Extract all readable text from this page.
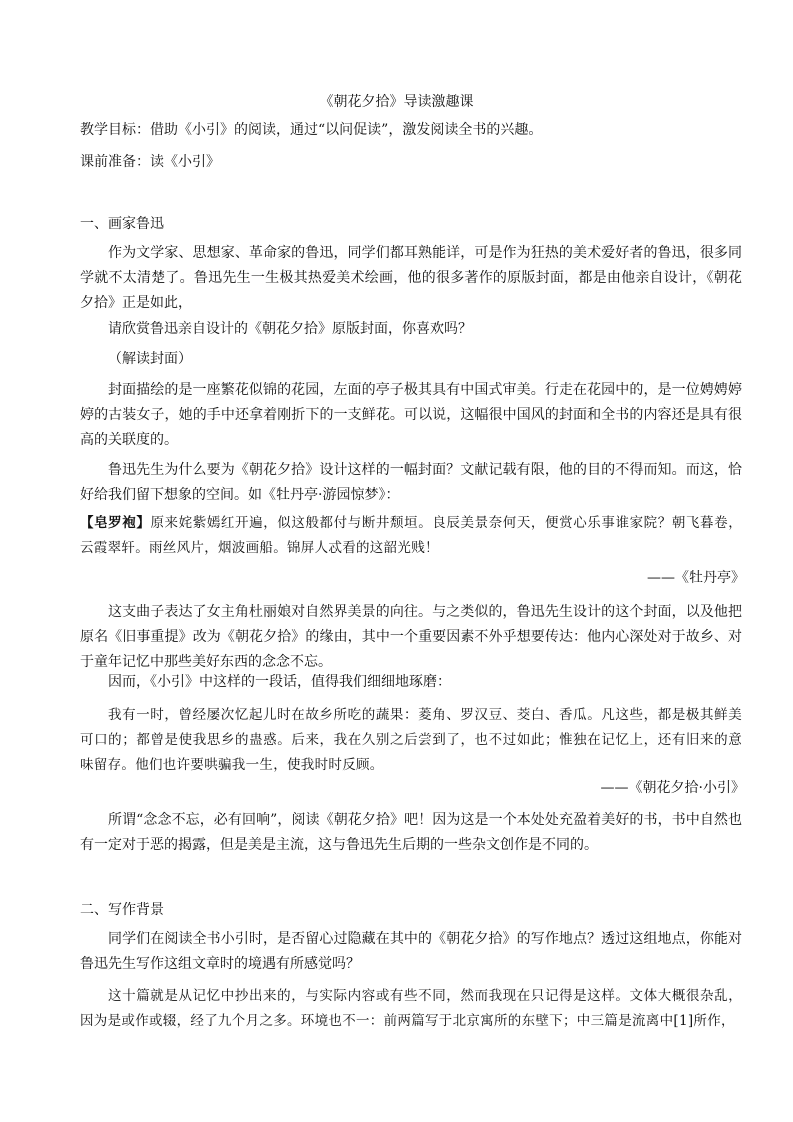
《朝花夕拾》导读激趣课
教学目标：借助《小引》的阅读，通过“以问促读”，激发阅读全书的兴趣。
课前准备：读《小引》
一、画家鲁迅
作为文学家、思想家、革命家的鲁迅，同学们都耳熟能详，可是作为狂热的美术爱好者的鲁迅，很多同学就不太清楚了。鲁迅先生一生极其热爱美术绘画，他的很多著作的原版封面，都是由他亲自设计，《朝花夕拾》正是如此，
请欣赏鲁迅亲自设计的《朝花夕拾》原版封面，你喜欢吗？
（解读封面）
封面描绘的是一座繁花似锦的花园，左面的亭子极其具有中国式审美。行走在花园中的，是一位娉娉婷婷的古装女子，她的手中还拿着刚折下的一支鲜花。可以说，这幅很中国风的封面和全书的内容还是具有很高的关联度的。
鲁迅先生为什么要为《朝花夕拾》设计这样的一幅封面？文献记载有限，他的目的不得而知。而这，恰好给我们留下想象的空间。如《牡丹亭·游园惊梦》：
【皂罗袍】原来姹紫嫣红开遍，似这般都付与断井颓垣。良辰美景奈何天，便赏心乐事谁家院？朝飞暮卷，云霞翠轩。雨丝风片，烟波画船。锦屏人忒看的这韶光贱！
——《牡丹亭》
这支曲子表达了女主角杜丽娘对自然界美景的向往。与之类似的，鲁迅先生设计的这个封面，以及他把原名《旧事重提》改为《朝花夕拾》的缘由，其中一个重要因素不外乎想要传达：他内心深处对于故乡、对于童年记忆中那些美好东西的念念不忘。
因而，《小引》中这样的一段话，值得我们细细地琢磨：
我有一时，曾经屡次忆起儿时在故乡所吃的蔬果：菱角、罗汉豆、茭白、香瓜。凡这些，都是极其鲜美可口的；都曾是使我思乡的蛊惑。后来，我在久别之后尝到了，也不过如此；惟独在记忆上，还有旧来的意味留存。他们也许要哄骗我一生，使我时时反顾。
——《朝花夕拾·小引》
所谓“念念不忘，必有回响”，阅读《朝花夕拾》吧！因为这是一个本处处充盈着美好的书，书中自然也有一定对于恶的揭露，但是美是主流，这与鲁迅先生后期的一些杂文创作是不同的。
二、写作背景
同学们在阅读全书小引时，是否留心过隐藏在其中的《朝花夕拾》的写作地点？透过这组地点，你能对鲁迅先生写作这组文章时的境遇有所感觉吗？
这十篇就是从记忆中抄出来的，与实际内容或有些不同，然而我现在只记得是这样。文体大概很杂乱，因为是或作或辍，经了九个月之多。环境也不一：前两篇写于北京寓所的东壁下；中三篇是流离中[1]所作，
